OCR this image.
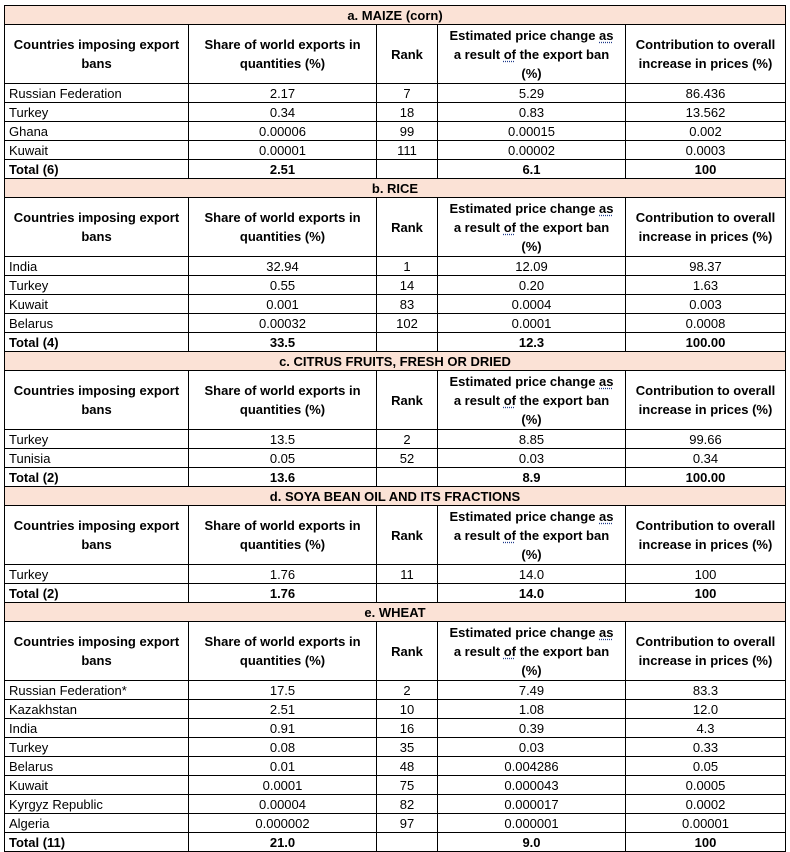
a. MAIZE (corn)				
Countries imposing export bans	Share of world exports in quantities (%)	Rank	Estimated price change as
a result of the export ban (%)	Contribution to overall increase in prices (%)
Russian Federation	2.17	7	5.29	86.436
Turkey	0.34	18	0.83	13.562
Ghana	0.00006	99	0.00015	0.002
Kuwait	0.00001	111	0.00002	0.0003
Total (6)	2.51		6.1	100
b. RICE				
Countries imposing export bans	Share of world exports in quantities (%)	Rank	Estimated price change as
a result of the export ban (%)	Contribution to overall increase in prices (%)
India	32.94	1	12.09	98.37
Turkey	0.55	14	0.20	1.63
Kuwait	0.001	83	0.0004	0.003
Belarus	0.00032	102	0.0001	0.0008
Total (4)	33.5		12.3	100.00
c. CITRUS FRUITS, FRESH OR DRIED				
Countries imposing export bans	Share of world exports in quantities (%)	Rank	Estimated price change as
a result of the export ban (%)	Contribution to overall increase in prices (%)
Turkey	13.5	2	8.85	99.66
Tunisia	0.05	52	0.03	0.34
Total (2)	13.6		8.9	100.00
d. SOYA BEAN OIL AND ITS FRACTIONS				
Countries imposing export bans	Share of world exports in quantities (%)	Rank	Estimated price change as
a result of the export ban (%)	Contribution to overall increase in prices (%)
Turkey	1.76	11	14.0	100
Total (2)	1.76		14.0	100
e. WHEAT				
Countries imposing export bans	Share of world exports in quantities (%)	Rank	Estimated price change as
a result of the export ban (%)	Contribution to overall increase in prices (%)
Russian Federation*	17.5	2	7.49	83.3
Kazakhstan	2.51	10	1.08	12.0
India	0.91	16	0.39	4.3
Turkey	0.08	35	0.03	0.33
Belarus	0.01	48	0.004286	0.05
Kuwait	0.0001	75	0.000043	0.0005
Kyrgyz Republic	0.00004	82	0.000017	0.0002
Algeria	0.000002	97	0.000001	0.00001
Total (11)	21.0		9.0	100
